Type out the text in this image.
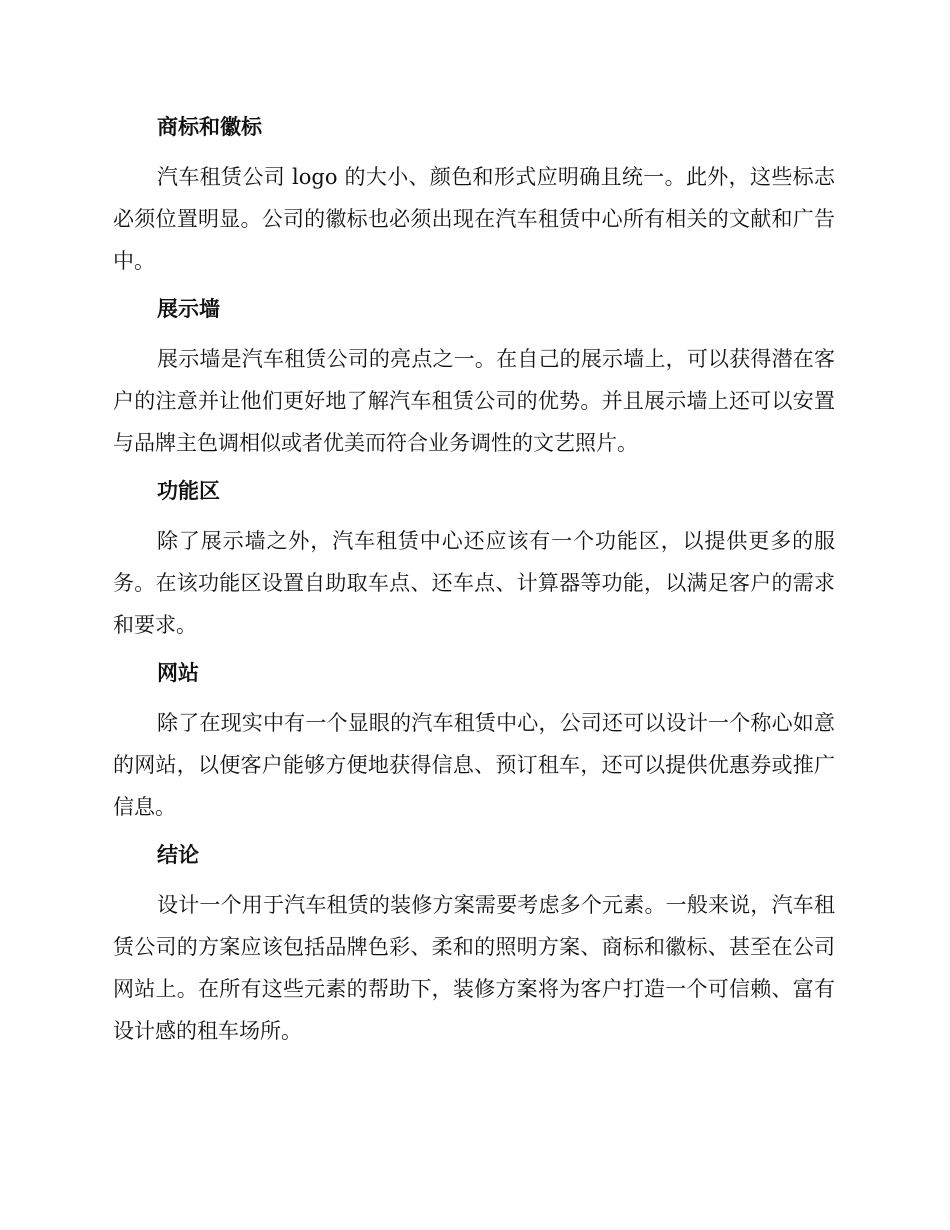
商标和徽标

汽车租赁公司 logo 的大小、颜色和形式应明确且统一。此外，这些标志必须位置明显。公司的徽标也必须出现在汽车租赁中心所有相关的文献和广告中。

展示墙

展示墙是汽车租赁公司的亮点之一。在自己的展示墙上，可以获得潜在客户的注意并让他们更好地了解汽车租赁公司的优势。并且展示墙上还可以安置与品牌主色调相似或者优美而符合业务调性的文艺照片。

功能区

除了展示墙之外，汽车租赁中心还应该有一个功能区，以提供更多的服务。在该功能区设置自助取车点、还车点、计算器等功能，以满足客户的需求和要求。

网站

除了在现实中有一个显眼的汽车租赁中心，公司还可以设计一个称心如意的网站，以便客户能够方便地获得信息、预订租车，还可以提供优惠券或推广信息。

结论

设计一个用于汽车租赁的装修方案需要考虑多个元素。一般来说，汽车租赁公司的方案应该包括品牌色彩、柔和的照明方案、商标和徽标、甚至在公司网站上。在所有这些元素的帮助下，装修方案将为客户打造一个可信赖、富有设计感的租车场所。
